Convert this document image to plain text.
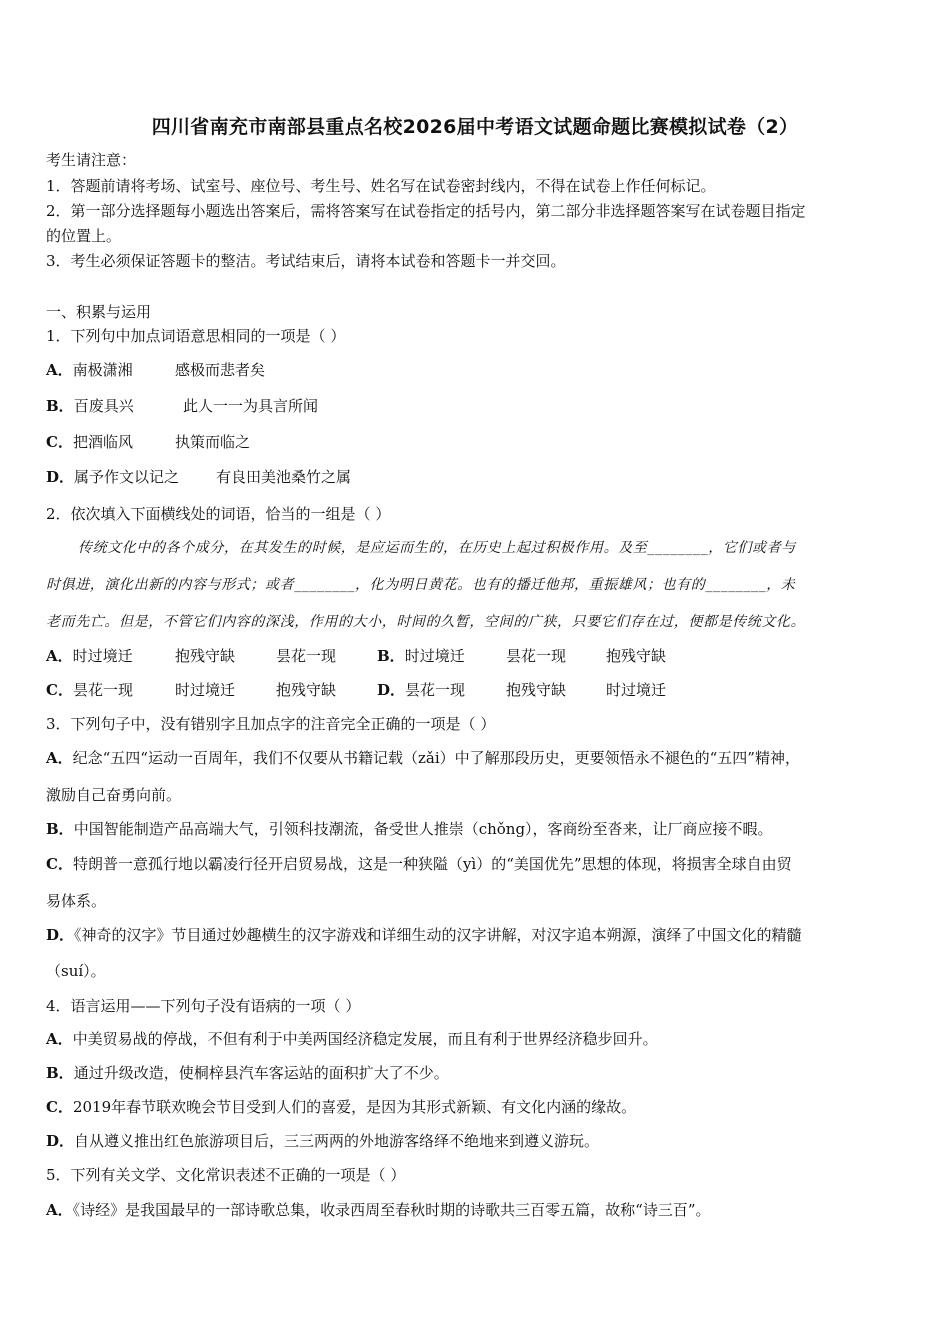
四川省南充市南部县重点名校2026届中考语文试题命题比赛模拟试卷（2）
考生请注意：
1．答题前请将考场、试室号、座位号、考生号、姓名写在试卷密封线内，不得在试卷上作任何标记。
2．第一部分选择题每小题选出答案后，需将答案写在试卷指定的括号内，第二部分非选择题答案写在试卷题目指定
的位置上。
3．考生必须保证答题卡的整洁。考试结束后，请将本试卷和答题卡一并交回。
一、积累与运用
1．下列句中加点词语意思相同的一项是（ ）
A．南极潇湘	感极而悲者矣
B．百废具兴	此人一一为具言所闻
C．把酒临风	执策而临之
D．属予作文以记之 有良田美池桑竹之属
2．依次填入下面横线处的词语，恰当的一组是（ ）
传统文化中的各个成分，在其发生的时候，是应运而生的，在历史上起过积极作用。及至________，它们或者与
时俱进，演化出新的内容与形式；或者________，化为明日黄花。也有的播迁他邦，重振雄风；也有的________，未
老而先亡。但是，不管它们内容的深浅，作用的大小，时间的久暂，空间的广狭，只要它们存在过，便都是传统文化。
A．时过境迁	抱残守缺	昙花一现	B．时过境迁	昙花一现	抱残守缺
C．昙花一现	时过境迁	抱残守缺	D．昙花一现	抱残守缺	时过境迁
3．下列句子中，没有错别字且加点字的注音完全正确的一项是（ ）
A．纪念“五四“运动一百周年，我们不仅要从书籍记载（zǎi）中了解那段历史，更要领悟永不褪色的“五四”精神，
激励自己奋勇向前。
B．中国智能制造产品高端大气，引领科技潮流，备受世人推崇（chǒng），客商纷至沓来，让厂商应接不暇。
C．特朗普一意孤行地以霸凌行径开启贸易战，这是一种狭隘（yì）的“美国优先”思想的体现，将损害全球自由贸
易体系。
D．《神奇的汉字》节目通过妙趣横生的汉字游戏和详细生动的汉字讲解，对汉字追本朔源，演绎了中国文化的精髓
（suí）。
4．语言运用——下列句子没有语病的一项（ ）
A．中美贸易战的停战，不但有利于中美两国经济稳定发展，而且有利于世界经济稳步回升。
B．通过升级改造，使桐梓县汽车客运站的面积扩大了不少。
C．2019年春节联欢晚会节目受到人们的喜爱，是因为其形式新颖、有文化内涵的缘故。
D．自从遵义推出红色旅游项目后，三三两两的外地游客络绎不绝地来到遵义游玩。
5．下列有关文学、文化常识表述不正确的一项是（ ）
A．《诗经》是我国最早的一部诗歌总集，收录西周至春秋时期的诗歌共三百零五篇，故称“诗三百”。
